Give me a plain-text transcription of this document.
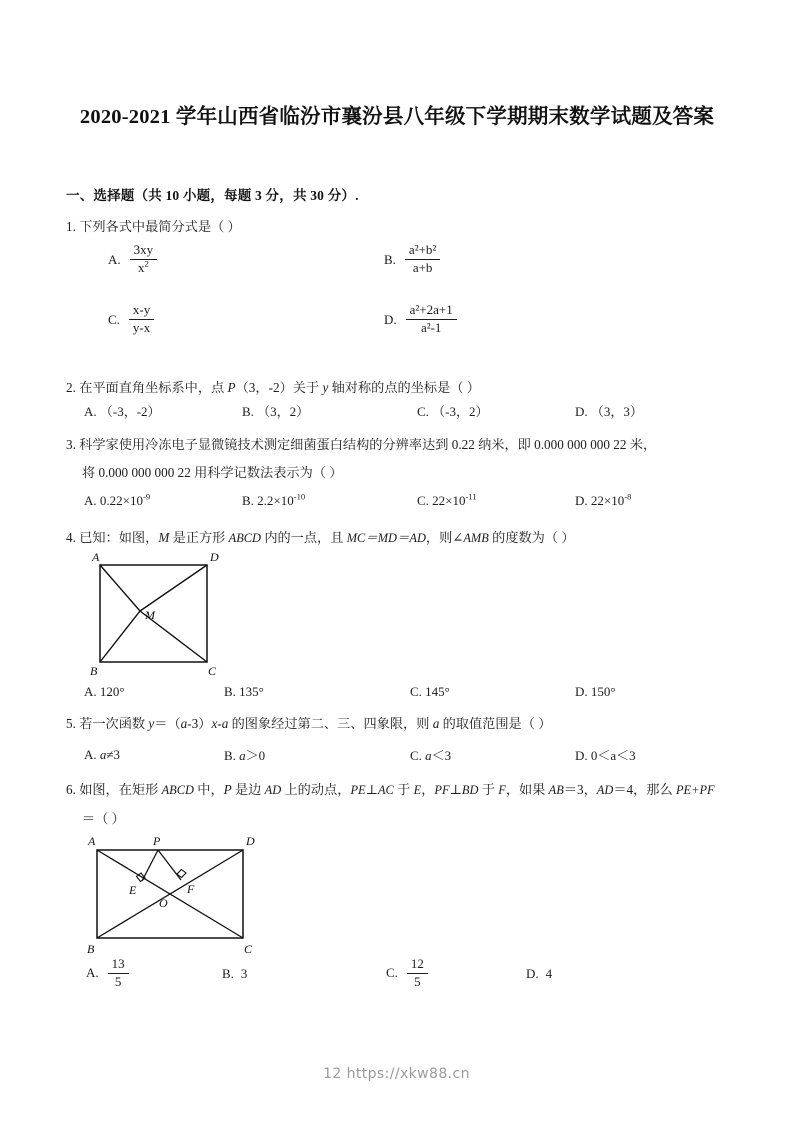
2020-2021 学年山西省临汾市襄汾县八年级下学期期末数学试题及答案
一、选择题（共 10 小题，每题 3 分，共 30 分）.
1. 下列各式中最简分式是（ ）
A. $\frac{3xy}{x^2}$	B. $\frac{\text{a²+b²}}{a+b}$
C. $\frac{x-y}{y-x}$	D. $\frac{\text{a²+2a+1}}{\text{a²-1}}$
2. 在平面直角坐标系中，点 P（3，-2）关于 y 轴对称的点的坐标是（ ）
A. （-3，-2）	B. （3，2）	C. （-3，2）	D. （3，3）
3. 科学家使用冷冻电子显微镜技术测定细菌蛋白结构的分辨率达到 0.22 纳米，即 0.000 000 000 22 米，
将 0.000 000 000 22 用科学记数法表示为（ ）
A. $0.22\times 10^{-9}$	B. $2.2\times 10^{-10}$	C. $22\times 10^{-11}$	D. $22\times 10^{-8}$
4. 已知：如图，M 是正方形 ABCD 内的一点，且 MC＝MD＝AD，则∠AMB 的度数为（ ）
A	D
B	C
M
A. 120°	B. 135°	C. 145°	D. 150°
5. 若一次函数 y＝（a-3）x-a 的图象经过第二、三、四象限，则 a 的取值范围是（ ）
A. a≠3	B. a＞0	C. a＜3	D. 0＜a＜3
6. 如图，在矩形 ABCD 中，P 是边 AD 上的动点，PE⊥AC 于 E，PF⊥BD 于 F，如果 AB＝3，AD＝4，那么 PE+PF
＝（ ）
A	D
B	C
P
E	F
O
A. $\frac{13}{5}$	B. 3	C. $\frac{12}{5}$	D. 4
12 https://xkw88.cn
